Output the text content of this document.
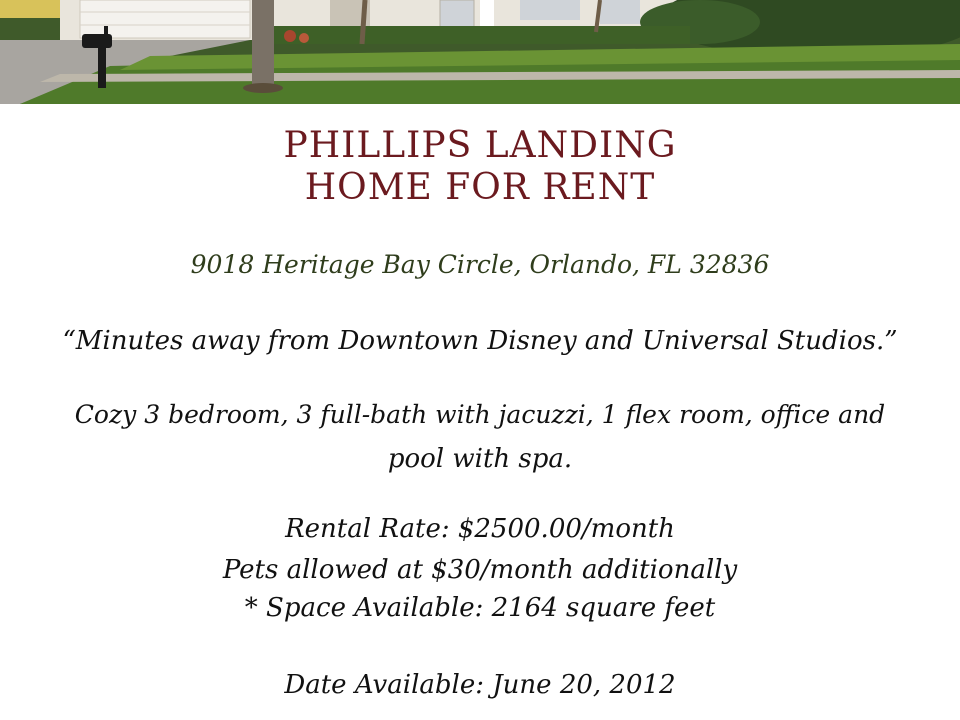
PHILLIPS LANDING
HOME FOR RENT
9018 Heritage Bay Circle, Orlando, FL 32836
“Minutes away from Downtown Disney and Universal Studios.”
Cozy 3 bedroom, 3 full-bath with jacuzzi, 1 flex room, office and
pool with spa.
Rental Rate: $2500.00/month
Pets allowed at $30/month additionally
* Space Available: 2164 square feet
Date Available: June 20, 2012
